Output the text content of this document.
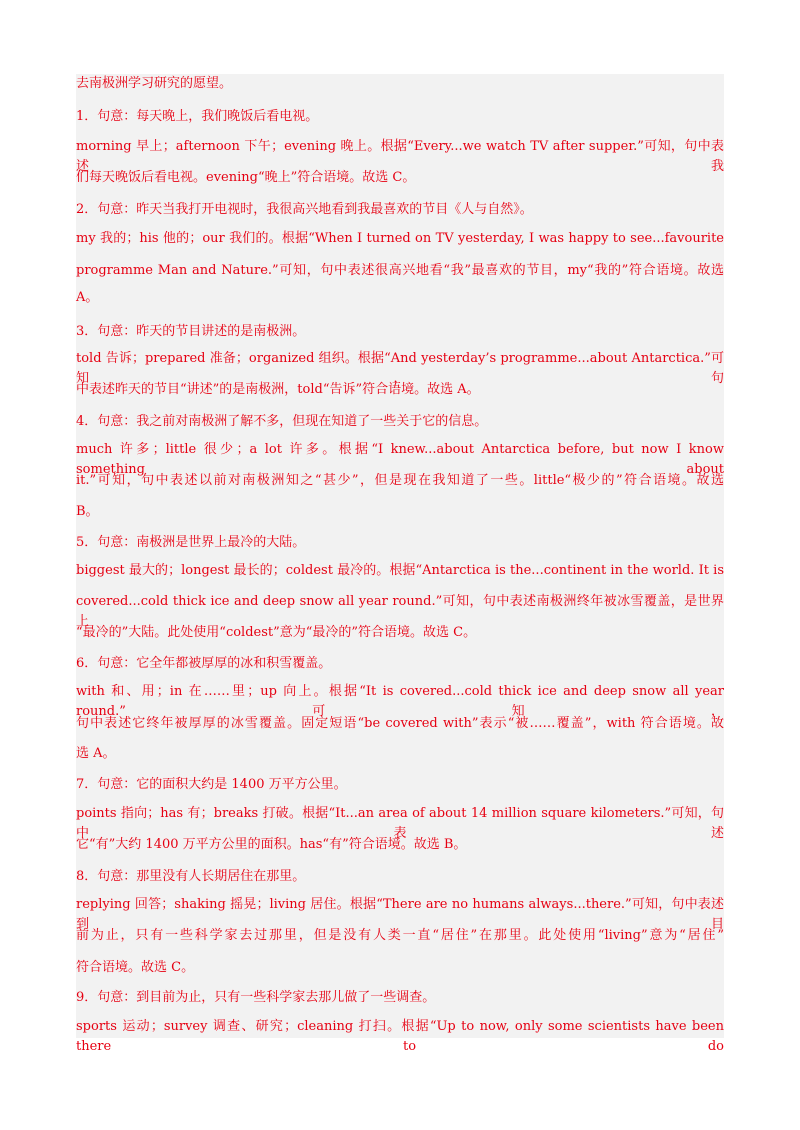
去南极洲学习研究的愿望。
1．句意：每天晚上，我们晚饭后看电视。
morning 早上；afternoon 下午；evening 晚上。根据“Every...we watch TV after supper.”可知，句中表述我
们每天晚饭后看电视。evening“晚上”符合语境。故选 C。
2．句意：昨天当我打开电视时，我很高兴地看到我最喜欢的节目《人与自然》。
my 我的；his 他的；our 我们的。根据“When I turned on TV yesterday, I was happy to see...favourite
programme Man and Nature.”可知，句中表述很高兴地看“我”最喜欢的节目，my“我的”符合语境。故选
A。
3．句意：昨天的节目讲述的是南极洲。
told 告诉；prepared 准备；organized 组织。根据“And yesterday’s programme...about Antarctica.”可知，句
中表述昨天的节目“讲述”的是南极洲，told“告诉”符合语境。故选 A。
4．句意：我之前对南极洲了解不多，但现在知道了一些关于它的信息。
much 许多；little 很少；a lot 许多。根据“I knew...about Antarctica before, but now I know something about
it.”可知，句中表述以前对南极洲知之“甚少”，但是现在我知道了一些。little“极少的”符合语境。故选
B。
5．句意：南极洲是世界上最冷的大陆。
biggest 最大的；longest 最长的；coldest 最冷的。根据“Antarctica is the...continent in the world. It is
covered...cold thick ice and deep snow all year round.”可知，句中表述南极洲终年被冰雪覆盖，是世界上
“最冷的”大陆。此处使用“coldest”意为“最冷的”符合语境。故选 C。
6．句意：它全年都被厚厚的冰和积雪覆盖。
with 和、用；in 在……里；up 向上。根据“It is covered...cold thick ice and deep snow all year round.”可知，
句中表述它终年被厚厚的冰雪覆盖。固定短语“be covered with”表示“被……覆盖”，with 符合语境。故
选 A。
7．句意：它的面积大约是 1400 万平方公里。
points 指向；has 有；breaks 打破。根据“It...an area of about 14 million square kilometers.”可知，句中表述
它“有”大约 1400 万平方公里的面积。has“有”符合语境。故选 B。
8．句意：那里没有人长期居住在那里。
replying 回答；shaking 摇晃；living 居住。根据“There are no humans always...there.”可知，句中表述到目
前为止，只有一些科学家去过那里，但是没有人类一直“居住”在那里。此处使用“living”意为“居住”
符合语境。故选 C。
9．句意：到目前为止，只有一些科学家去那儿做了一些调查。
sports 运动；survey 调查、研究；cleaning 打扫。根据“Up to now, only some scientists have been there to do
